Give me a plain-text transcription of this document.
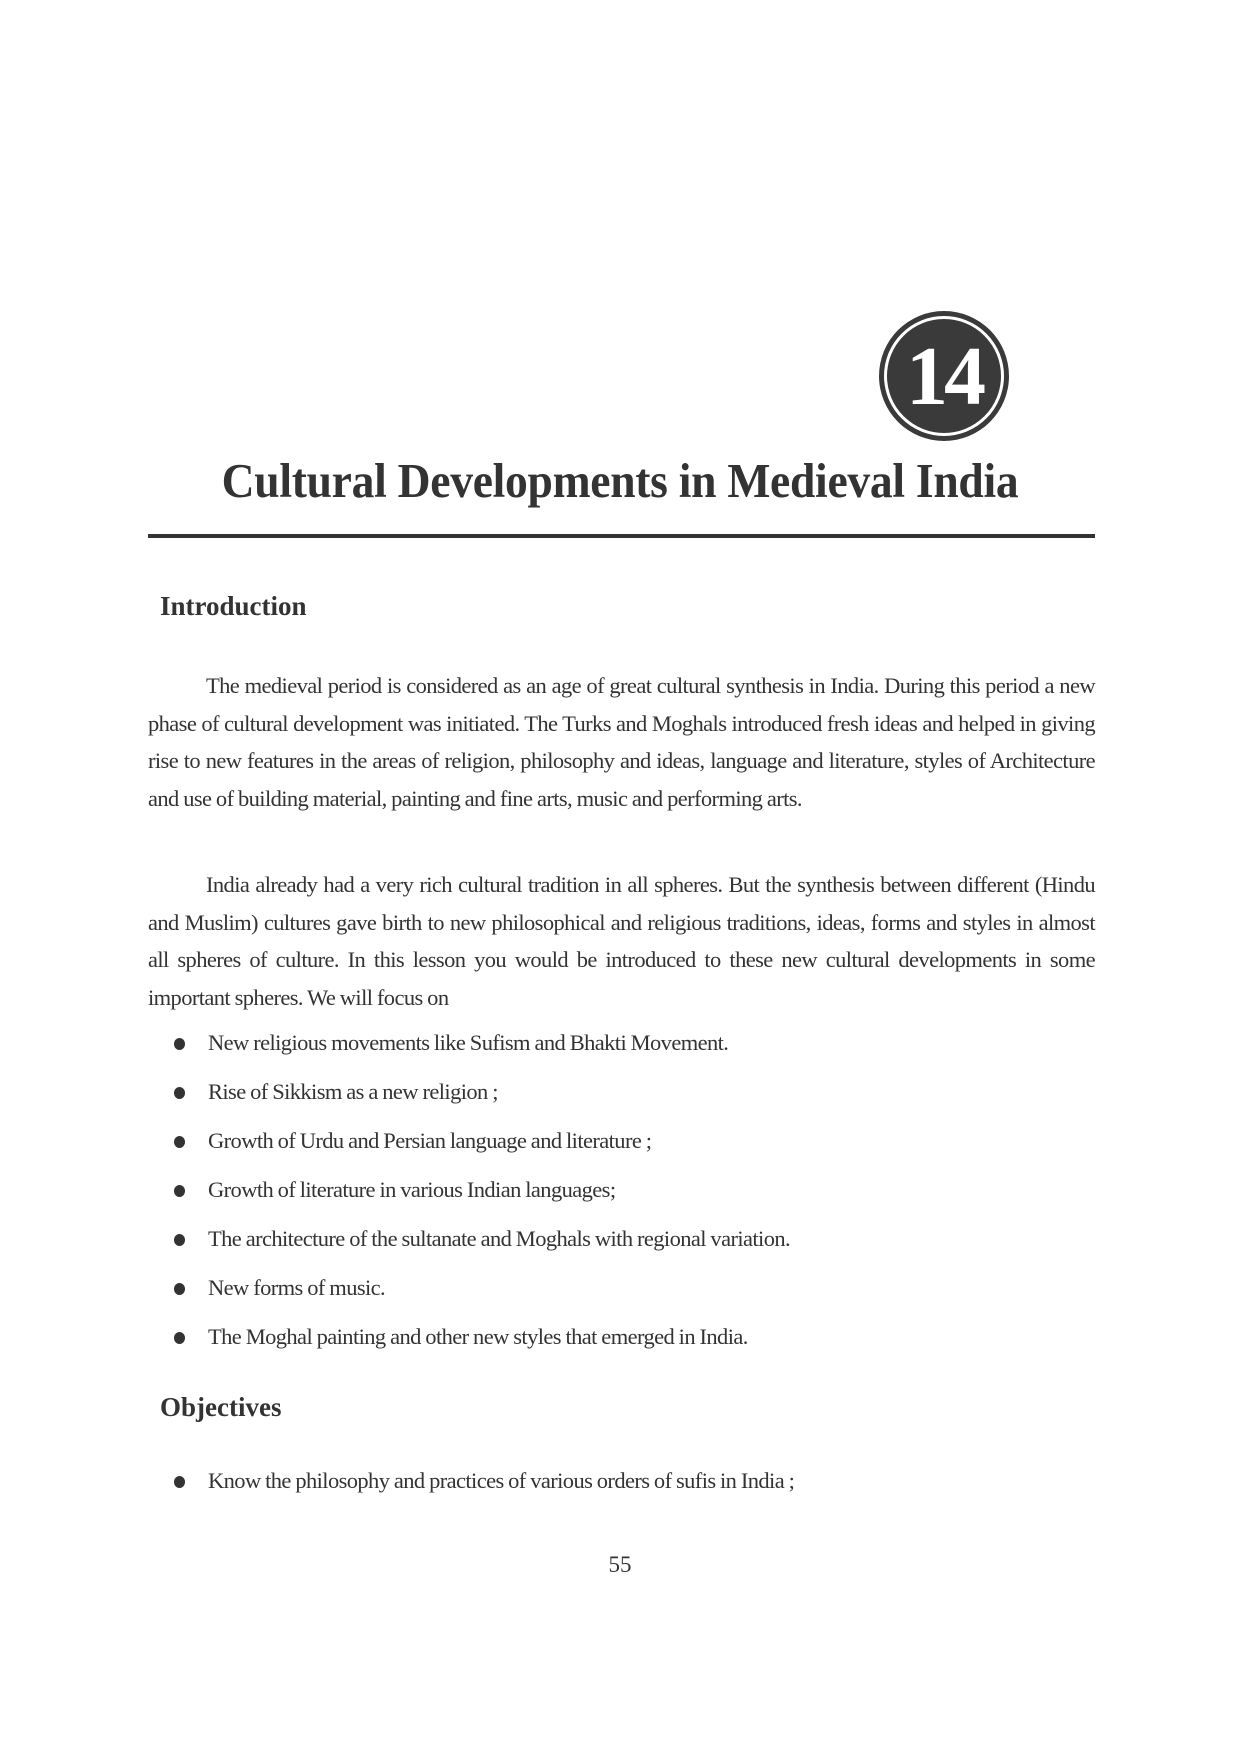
14
Cultural Developments in Medieval India
Introduction

The medieval period is considered as an age of great cultural synthesis in India. During this period a new phase of cultural development was initiated. The Turks and Moghals introduced fresh ideas and helped in giving rise to new features in the areas of religion, philosophy and ideas, language and literature, styles of Architecture and use of building material, painting and fine arts, music and performing arts.

India already had a very rich cultural tradition in all spheres. But the synthesis between different (Hindu and Muslim) cultures gave birth to new philosophical and religious traditions, ideas, forms and styles in almost all spheres of culture. In this lesson you would be introduced to these new cultural developments in some important spheres. We will focus on

New religious movements like Sufism and Bhakti Movement.
Rise of Sikkism as a new religion ;
Growth of Urdu and Persian language and literature ;
Growth of literature in various Indian languages;
The architecture of the sultanate and Moghals with regional variation.
New forms of music.
The Moghal painting and other new styles that emerged in India.
Objectives
Know the philosophy and practices of various orders of sufis in India ;
55
